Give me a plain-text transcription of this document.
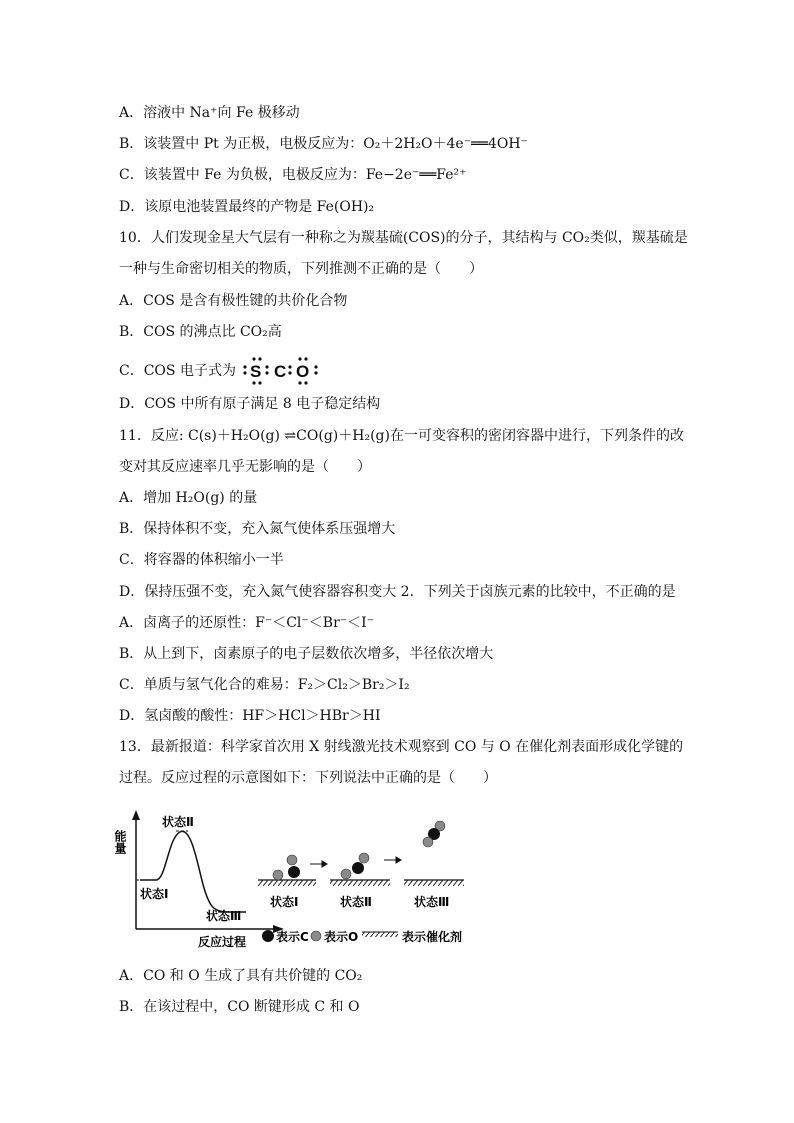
A．溶液中 Na⁺向 Fe 极移动
B．该装置中 Pt 为正极，电极反应为：O₂＋2H₂O＋4e⁻══4OH⁻
C．该装置中 Fe 为负极，电极反应为：Fe−2e⁻══Fe²⁺
D．该原电池装置最终的产物是 Fe(OH)₂
10．人们发现金星大气层有一种称之为羰基硫(COS)的分子，其结构与 CO₂类似，羰基硫是
一种与生命密切相关的物质，下列推测不正确的是（　　）
A．COS 是含有极性键的共价化合物
B．COS 的沸点比 CO₂高
C．COS 电子式为 S C O
D．COS 中所有原子满足 8 电子稳定结构
11．反应: C(s)＋H₂O(g) ⇌CO(g)＋H₂(g)在一可变容积的密闭容器中进行，下列条件的改
变对其反应速率几乎无影响的是（　　）
A．增加 H₂O(g) 的量
B．保持体积不变，充入氮气使体系压强增大
C．将容器的体积缩小一半
D．保持压强不变，充入氮气使容器容积变大 2．下列关于卤族元素的比较中，不正确的是
A．卤离子的还原性：F⁻＜Cl⁻＜Br⁻＜I⁻
B．从上到下，卤素原子的电子层数依次增多，半径依次增大
C．单质与氢气化合的难易：F₂＞Cl₂＞Br₂＞I₂
D．氢卤酸的酸性：HF＞HCl＞HBr＞HI
13．最新报道：科学家首次用 X 射线激光技术观察到 CO 与 O 在催化剂表面形成化学键的
过程。反应过程的示意图如下：下列说法中正确的是（　　）
能量
反应过程
状态Ⅰ
状态Ⅱ
状态Ⅲ
状态Ⅰ	状态Ⅱ	状态Ⅲ
表示C 表示O	表示催化剂
A．CO 和 O 生成了具有共价键的 CO₂
B．在该过程中，CO 断键形成 C 和 O
